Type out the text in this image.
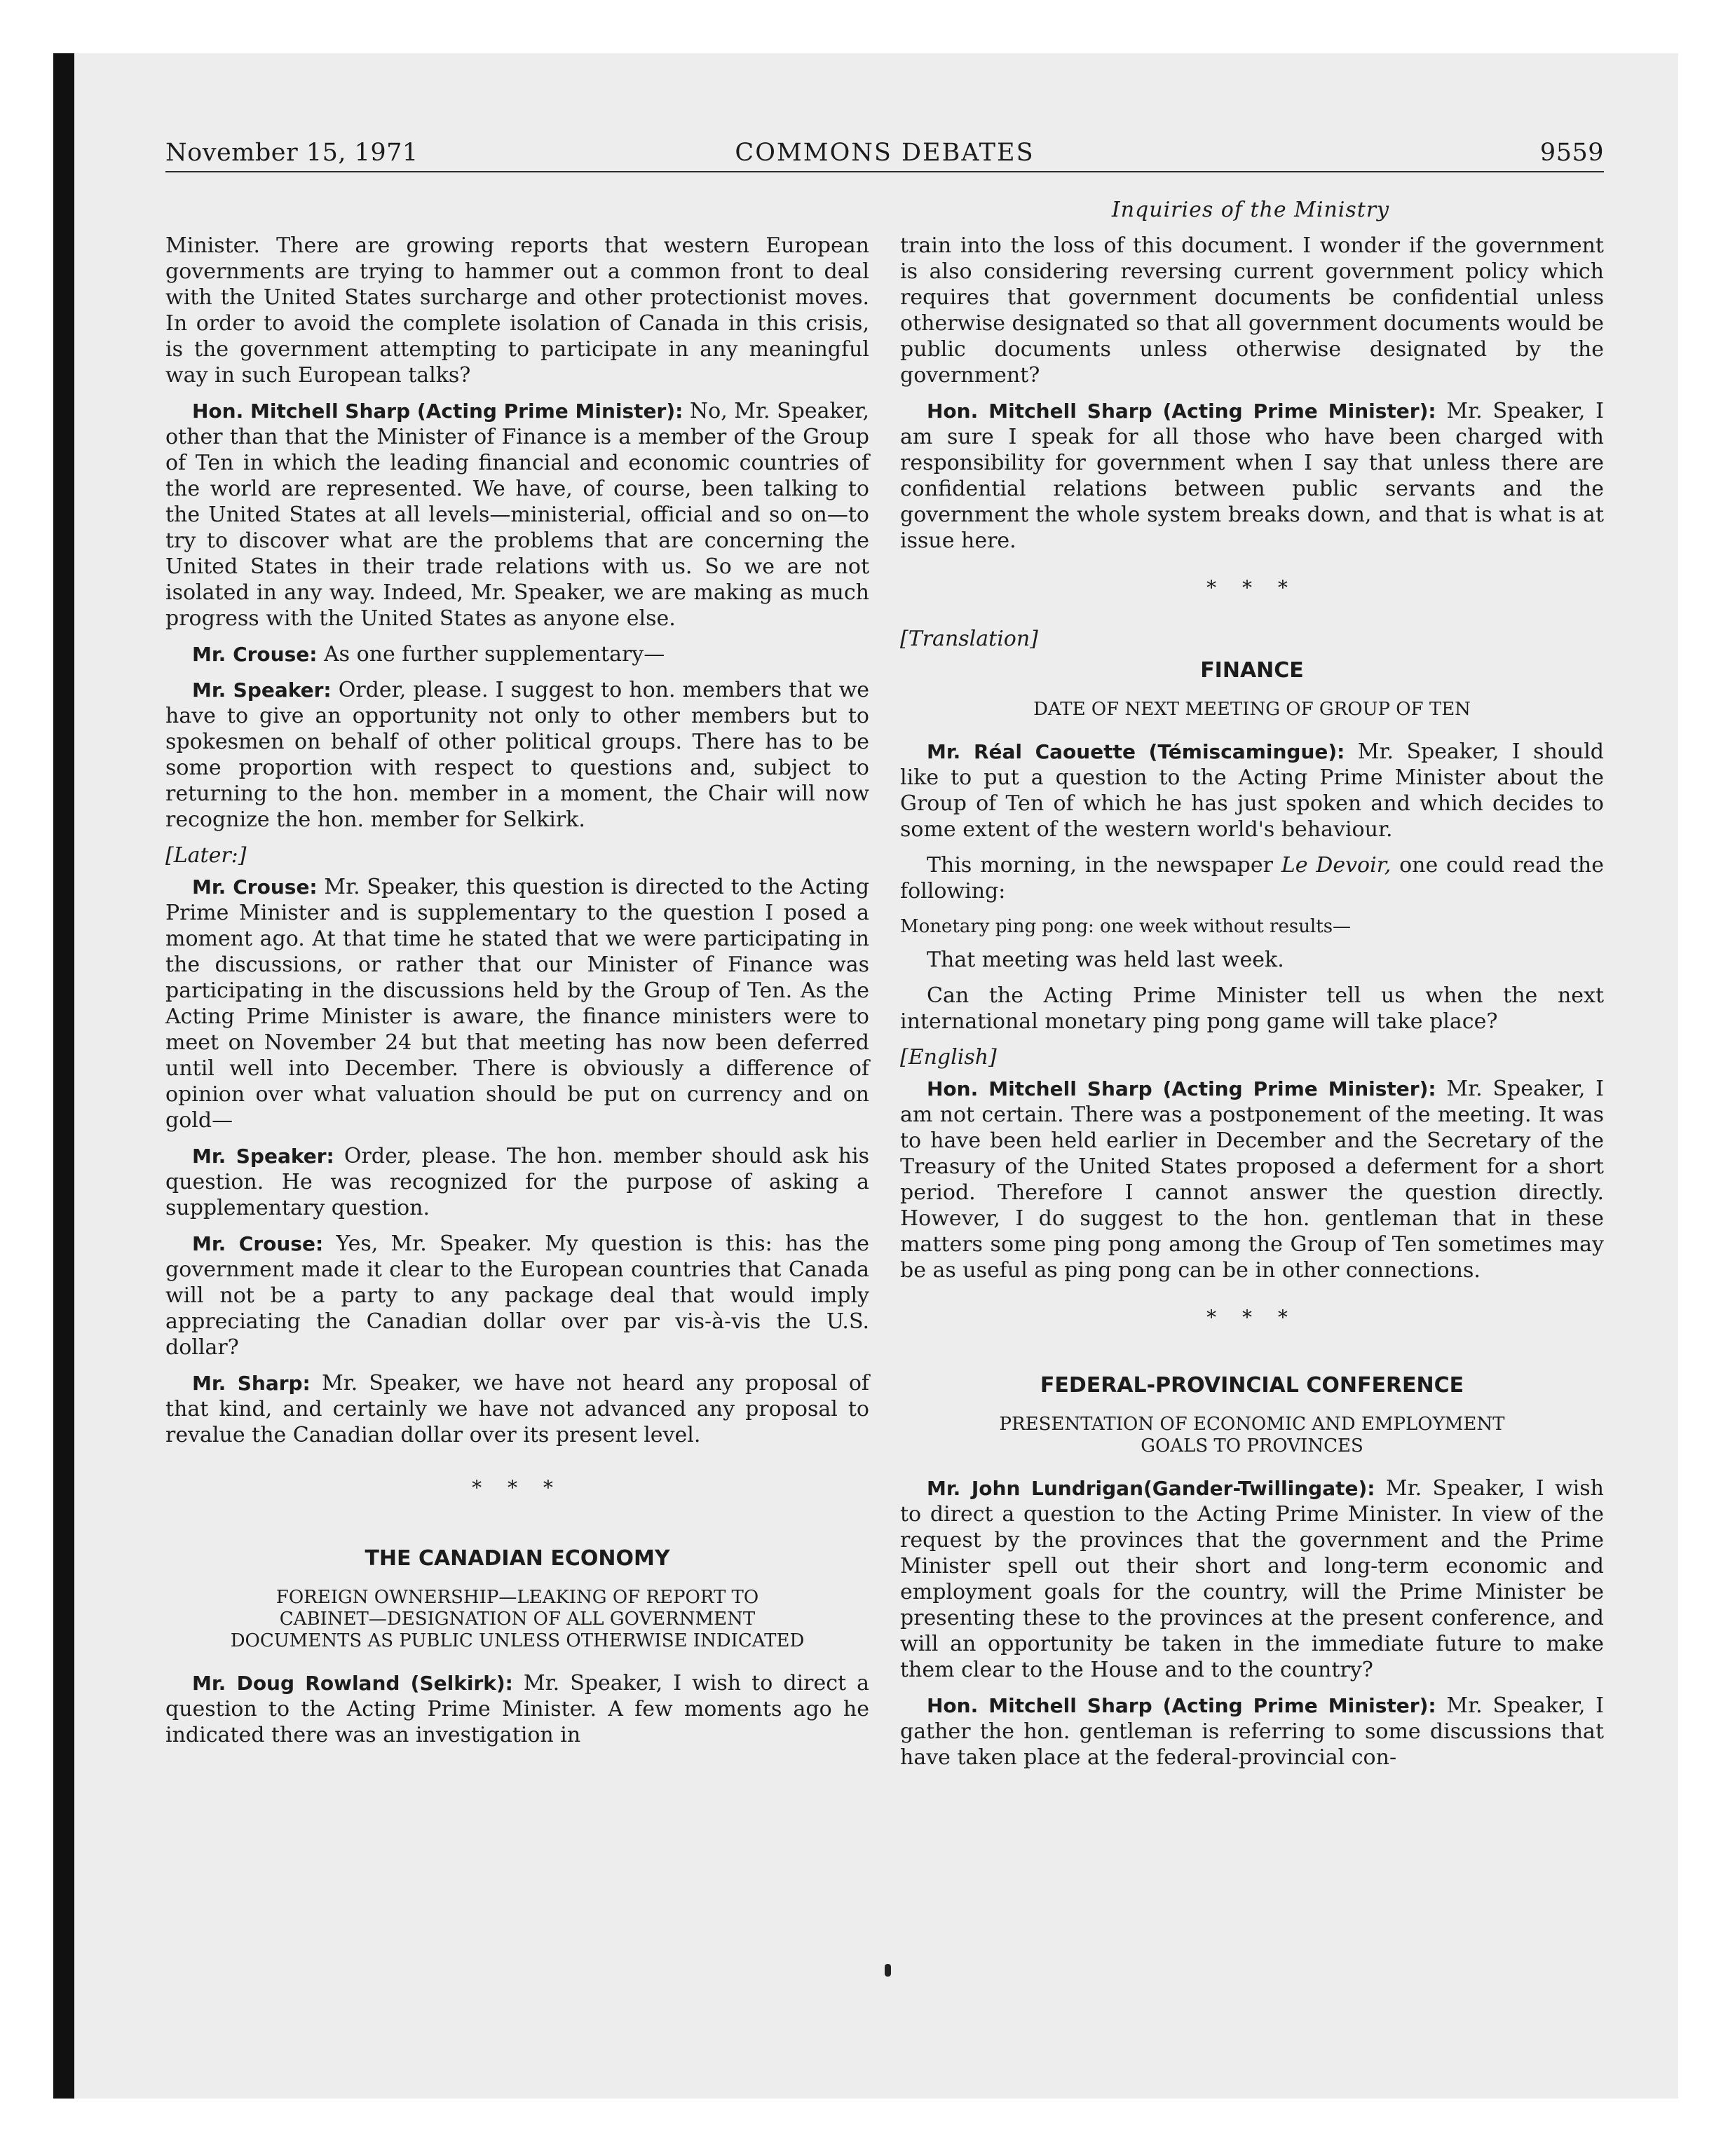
November 15, 1971	COMMONS DEBATES	9559
Inquiries of the Ministry

Minister. There are growing reports that western European governments are trying to hammer out a common front to deal with the United States surcharge and other protectionist moves. In order to avoid the complete isolation of Canada in this crisis, is the government attempting to participate in any meaningful way in such European talks?

Hon. Mitchell Sharp (Acting Prime Minister): No, Mr. Speaker, other than that the Minister of Finance is a member of the Group of Ten in which the leading financial and economic countries of the world are represented. We have, of course, been talking to the United States at all levels—ministerial, official and so on—to try to discover what are the problems that are concerning the United States in their trade relations with us. So we are not isolated in any way. Indeed, Mr. Speaker, we are making as much progress with the United States as anyone else.

Mr. Crouse: As one further supplementary—

Mr. Speaker: Order, please. I suggest to hon. members that we have to give an opportunity not only to other members but to spokesmen on behalf of other political groups. There has to be some proportion with respect to questions and, subject to returning to the hon. member in a moment, the Chair will now recognize the hon. member for Selkirk.

[Later:]

Mr. Crouse: Mr. Speaker, this question is directed to the Acting Prime Minister and is supplementary to the question I posed a moment ago. At that time he stated that we were participating in the discussions, or rather that our Minister of Finance was participating in the discussions held by the Group of Ten. As the Acting Prime Minister is aware, the finance ministers were to meet on November 24 but that meeting has now been deferred until well into December. There is obviously a difference of opinion over what valuation should be put on currency and on gold—

Mr. Speaker: Order, please. The hon. member should ask his question. He was recognized for the purpose of asking a supplementary question.

Mr. Crouse: Yes, Mr. Speaker. My question is this: has the government made it clear to the European countries that Canada will not be a party to any package deal that would imply appreciating the Canadian dollar over par vis-à-vis the U.S. dollar?

Mr. Sharp: Mr. Speaker, we have not heard any proposal of that kind, and certainly we have not advanced any proposal to revalue the Canadian dollar over its present level.

* * *
THE CANADIAN ECONOMY
FOREIGN OWNERSHIP—LEAKING OF REPORT TO
CABINET—DESIGNATION OF ALL GOVERNMENT
DOCUMENTS AS PUBLIC UNLESS OTHERWISE INDICATED

Mr. Doug Rowland (Selkirk): Mr. Speaker, I wish to direct a question to the Acting Prime Minister. A few moments ago he indicated there was an investigation in

train into the loss of this document. I wonder if the government is also considering reversing current government policy which requires that government documents be confidential unless otherwise designated so that all government documents would be public documents unless otherwise designated by the government?

Hon. Mitchell Sharp (Acting Prime Minister): Mr. Speaker, I am sure I speak for all those who have been charged with responsibility for government when I say that unless there are confidential relations between public servants and the government the whole system breaks down, and that is what is at issue here.

* * *
[Translation]
FINANCE
DATE OF NEXT MEETING OF GROUP OF TEN

Mr. Réal Caouette (Témiscamingue): Mr. Speaker, I should like to put a question to the Acting Prime Minister about the Group of Ten of which he has just spoken and which decides to some extent of the western world's behaviour.

This morning, in the newspaper Le Devoir, one could read the following:

Monetary ping pong: one week without results—

That meeting was held last week.

Can the Acting Prime Minister tell us when the next international monetary ping pong game will take place?

[English]

Hon. Mitchell Sharp (Acting Prime Minister): Mr. Speaker, I am not certain. There was a postponement of the meeting. It was to have been held earlier in December and the Secretary of the Treasury of the United States proposed a deferment for a short period. Therefore I cannot answer the question directly. However, I do suggest to the hon. gentleman that in these matters some ping pong among the Group of Ten sometimes may be as useful as ping pong can be in other connections.

* * *
FEDERAL-PROVINCIAL CONFERENCE
PRESENTATION OF ECONOMIC AND EMPLOYMENT
GOALS TO PROVINCES

Mr. John Lundrigan(Gander-Twillingate): Mr. Speaker, I wish to direct a question to the Acting Prime Minister. In view of the request by the provinces that the government and the Prime Minister spell out their short and long-term economic and employment goals for the country, will the Prime Minister be presenting these to the provinces at the present conference, and will an opportunity be taken in the immediate future to make them clear to the House and to the country?

Hon. Mitchell Sharp (Acting Prime Minister): Mr. Speaker, I gather the hon. gentleman is referring to some discussions that have taken place at the federal-provincial con-
